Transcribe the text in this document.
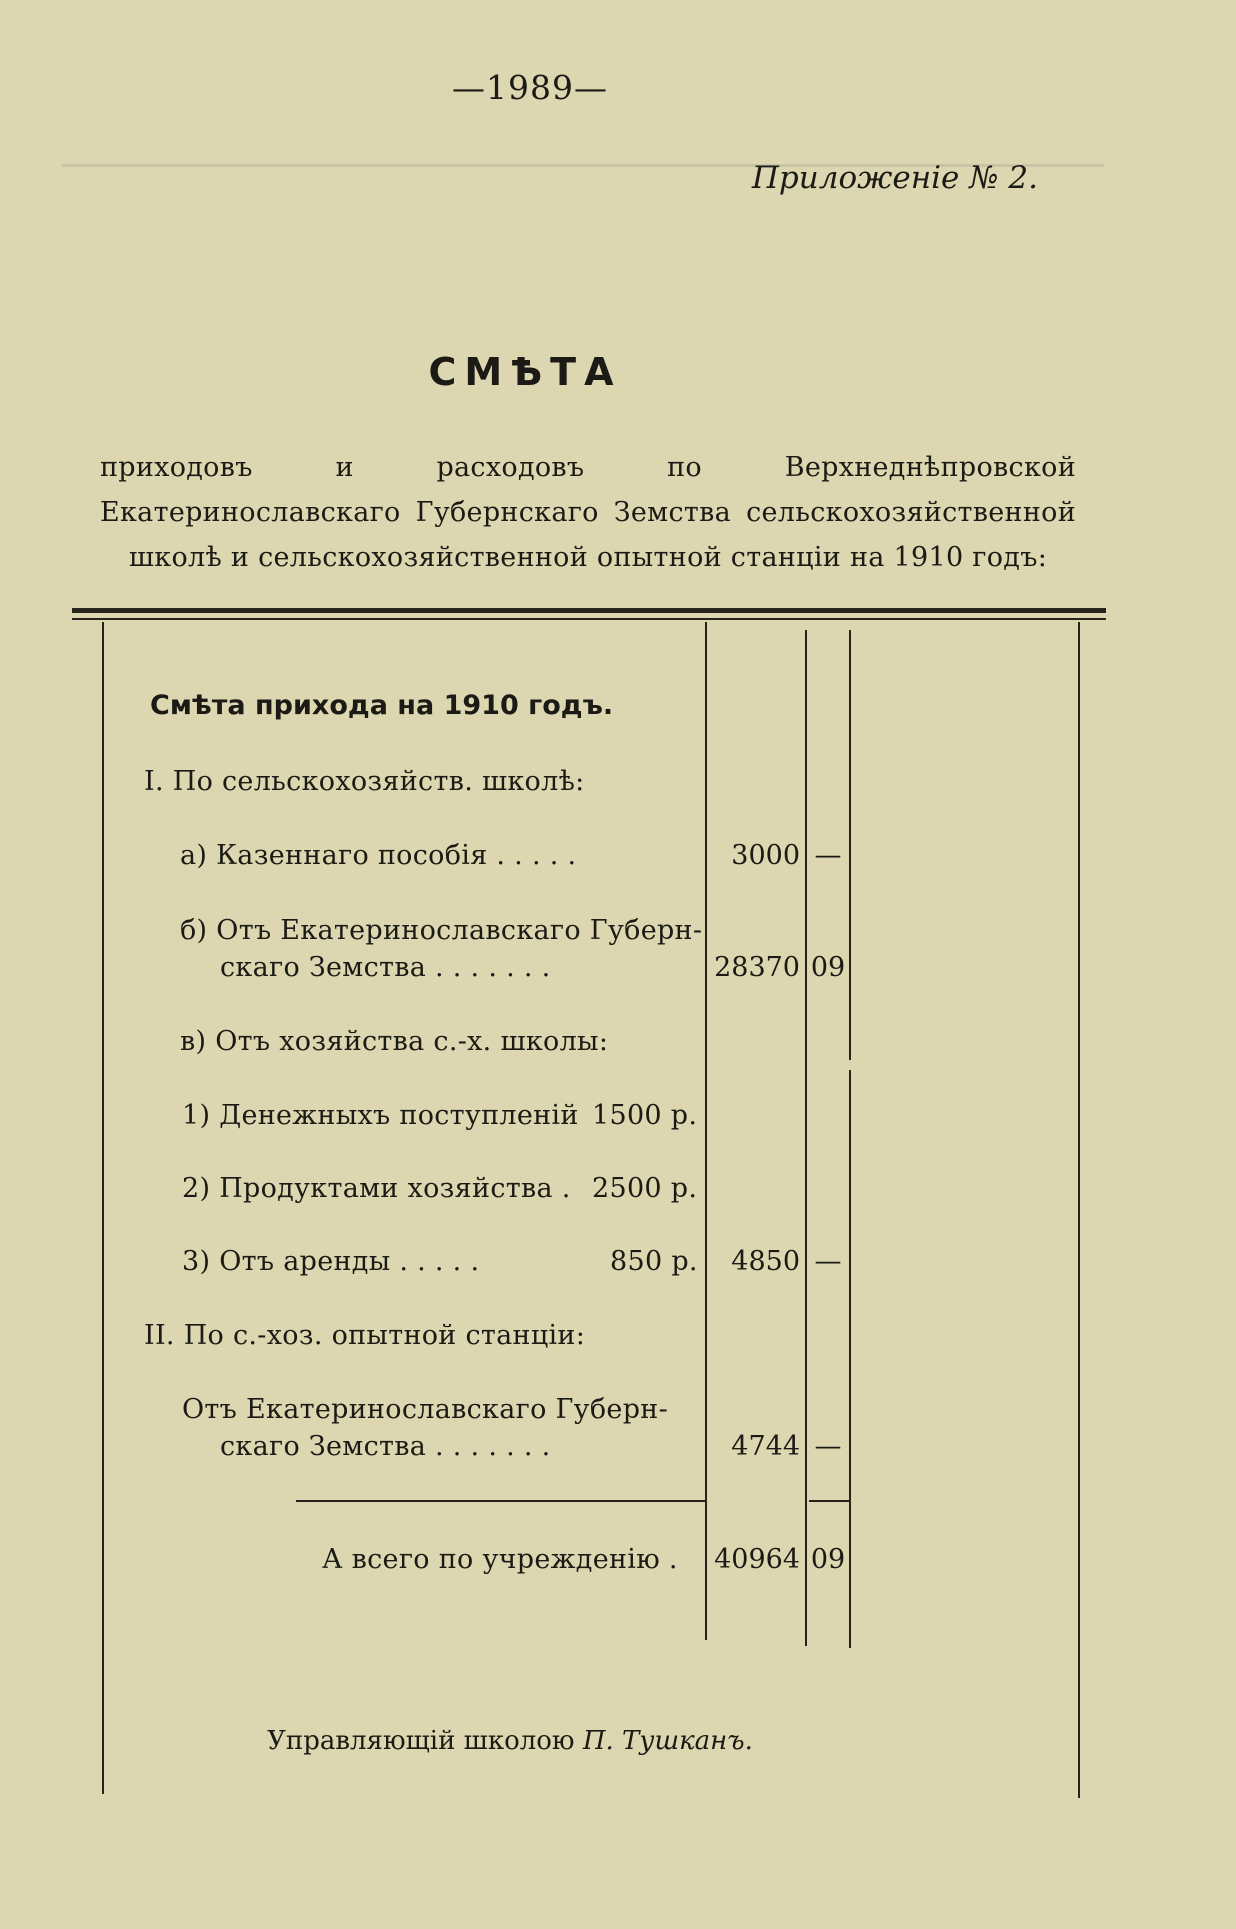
—1989—
Приложеніе № 2.
СМѢТА
приходовъ и расходовъ по Верхнеднѣпровской Екатеринославскаго Губернскаго Земства сельскохозяйственной школѣ и сельскохозяйственной опытной станціи на 1910 годъ:
Смѣта прихода на 1910 годъ.
I. По сельскохозяйств. школѣ:
а) Казеннаго пособія . . . . .	3000 —
б) Отъ Екатеринославскаго Губерн-
скаго Земства . . . . . . .	28370 09
в) Отъ хозяйства с.-х. школы:
1) Денежныхъ поступленій 1500 р.
2) Продуктами хозяйства . 2500 р.
3) Отъ аренды . . . . .	850 р.	4850 —
II. По с.-хоз. опытной станціи:
Отъ Екатеринославскаго Губерн-
скаго Земства . . . . . . .	4744 —
А всего по учрежденію .	40964 09
Управляющій школою П. Тушканъ.
